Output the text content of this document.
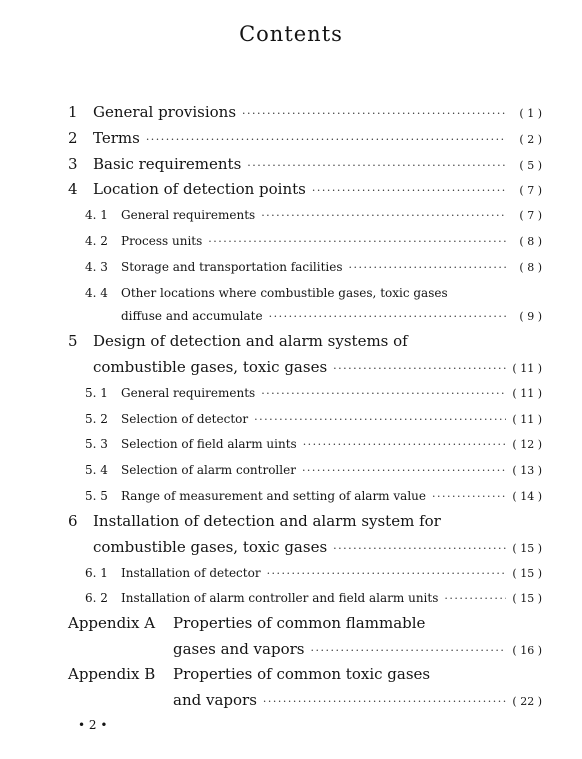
Contents
1	General provisions ·····	( 1 )
2	Terms ·····	( 2 )
3	Basic requirements ·····	( 5 )
4	Location of detection points ·····	( 7 )
4. 1	General requirements ·····	( 7 )
4. 2	Process units ·····	( 8 )
4. 3	Storage and transportation facilities ·····	( 8 )
4. 4 Other locations where combustible gases, toxic gases
diffuse and accumulate ·····	( 9 )
5 Design of detection and alarm systems of
combustible gases, toxic gases ·····	( 11 )
5. 1	General requirements ·····	( 11 )
5. 2	Selection of detector ·····	( 11 )
5. 3	Selection of field alarm uints ·····	( 12 )
5. 4	Selection of alarm controller ·····	( 13 )
5. 5	Range of measurement and setting of alarm value ·····	( 14 )
6 Installation of detection and alarm system for
combustible gases, toxic gases ·····	( 15 )
6. 1	Installation of detector ·····	( 15 )
6. 2	Installation of alarm controller and field alarm units ·····	( 15 )
Appendix A Properties of common flammable
gases and vapors ·····	( 16 )
Appendix B Properties of common toxic gases
and vapors ·····	( 22 )
• 2 •
